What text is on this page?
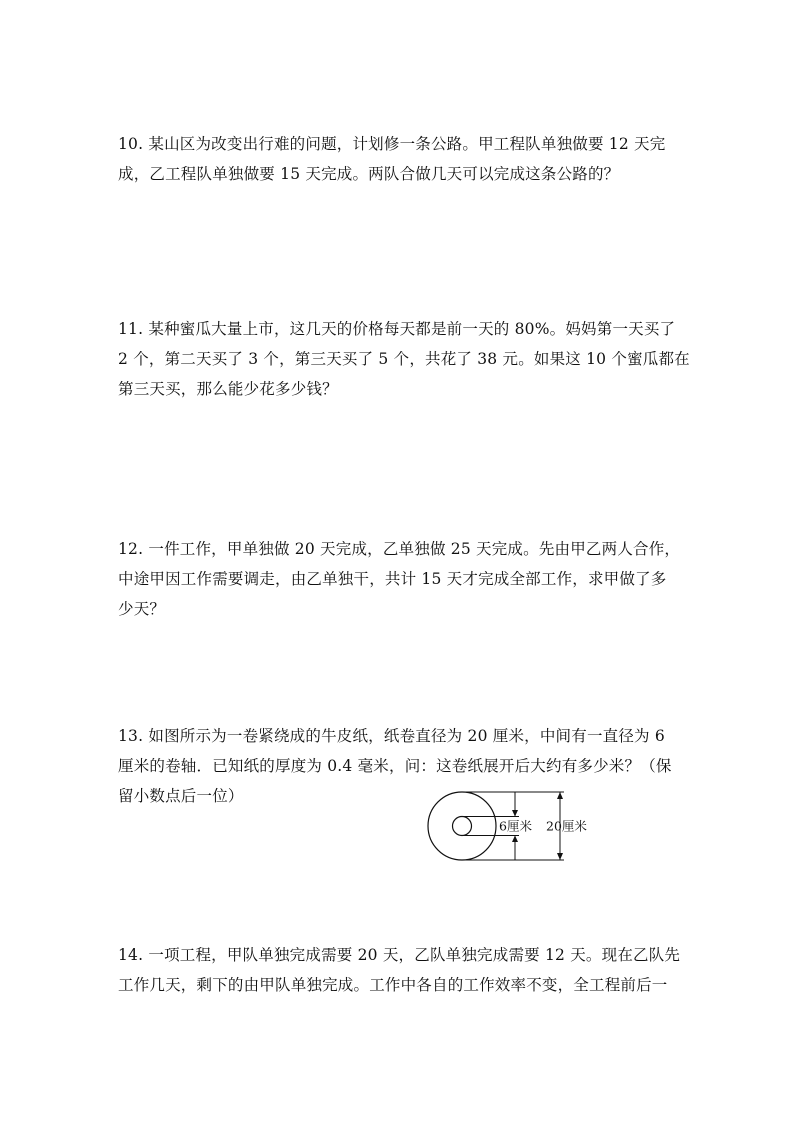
10. 某山区为改变出行难的问题，计划修一条公路。甲工程队单独做要 12 天完
成，乙工程队单独做要 15 天完成。两队合做几天可以完成这条公路的？
11. 某种蜜瓜大量上市，这几天的价格每天都是前一天的 80%。妈妈第一天买了
2 个，第二天买了 3 个，第三天买了 5 个，共花了 38 元。如果这 10 个蜜瓜都在
第三天买，那么能少花多少钱？
12. 一件工作，甲单独做 20 天完成，乙单独做 25 天完成。先由甲乙两人合作，
中途甲因工作需要调走，由乙单独干，共计 15 天才完成全部工作，求甲做了多
少天？
13. 如图所示为一卷紧绕成的牛皮纸，纸卷直径为 20 厘米，中间有一直径为 6
厘米的卷轴．已知纸的厚度为 0.4 毫米，问：这卷纸展开后大约有多少米？（保
留小数点后一位）
6厘米 20厘米
14. 一项工程，甲队单独完成需要 20 天，乙队单独完成需要 12 天。现在乙队先
工作几天，剩下的由甲队单独完成。工作中各自的工作效率不变，全工程前后一
